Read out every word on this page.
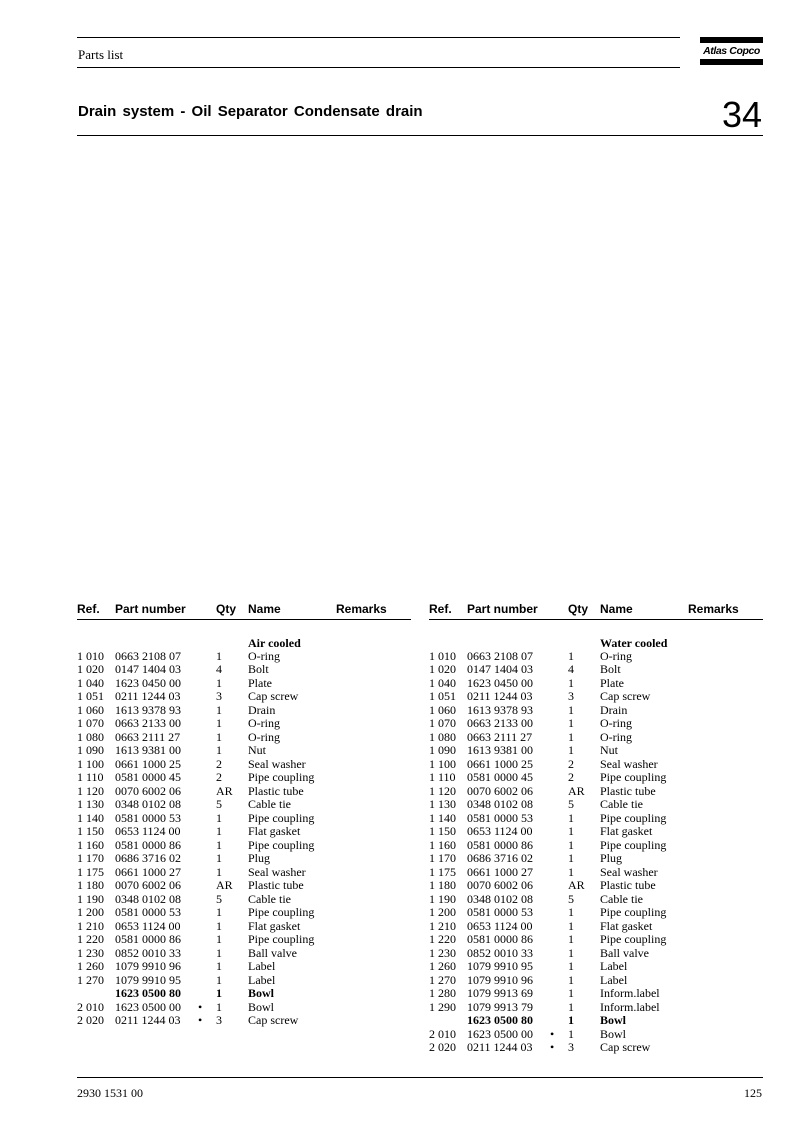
Parts list	Atlas Copco
Drain system - Oil Separator Condensate drain	34
Ref. Part number	Qty Name	Remarks
Air cooled
1 010 0663 2108 07	1 O-ring
1 020 0147 1404 03	4 Bolt
1 040 1623 0450 00	1 Plate
1 051 0211 1244 03	3 Cap screw
1 060 1613 9378 93	1 Drain
1 070 0663 2133 00	1 O-ring
1 080 0663 2111 27	1 O-ring
1 090 1613 9381 00	1 Nut
1 100 0661 1000 25	2 Seal washer
1 110 0581 0000 45	2 Pipe coupling
1 120 0070 6002 06	AR Plastic tube
1 130 0348 0102 08	5 Cable tie
1 140 0581 0000 53	1 Pipe coupling
1 150 0653 1124 00	1 Flat gasket
1 160 0581 0000 86	1 Pipe coupling
1 170 0686 3716 02	1 Plug
1 175 0661 1000 27	1 Seal washer
1 180 0070 6002 06	AR Plastic tube
1 190 0348 0102 08	5 Cable tie
1 200 0581 0000 53	1 Pipe coupling
1 210 0653 1124 00	1 Flat gasket
1 220 0581 0000 86	1 Pipe coupling
1 230 0852 0010 33	1 Ball valve
1 260 1079 9910 96	1 Label
1 270 1079 9910 95	1 Label
1623 0500 80	1 Bowl
2 010 1623 0500 00 • 1 Bowl
2 020 0211 1244 03 • 3 Cap screw
Ref. Part number	Qty Name	Remarks
Water cooled
1 010 0663 2108 07	1 O-ring
1 020 0147 1404 03	4 Bolt
1 040 1623 0450 00	1 Plate
1 051 0211 1244 03	3 Cap screw
1 060 1613 9378 93	1 Drain
1 070 0663 2133 00	1 O-ring
1 080 0663 2111 27	1 O-ring
1 090 1613 9381 00	1 Nut
1 100 0661 1000 25	2 Seal washer
1 110 0581 0000 45	2 Pipe coupling
1 120 0070 6002 06	AR Plastic tube
1 130 0348 0102 08	5 Cable tie
1 140 0581 0000 53	1 Pipe coupling
1 150 0653 1124 00	1 Flat gasket
1 160 0581 0000 86	1 Pipe coupling
1 170 0686 3716 02	1 Plug
1 175 0661 1000 27	1 Seal washer
1 180 0070 6002 06	AR Plastic tube
1 190 0348 0102 08	5 Cable tie
1 200 0581 0000 53	1 Pipe coupling
1 210 0653 1124 00	1 Flat gasket
1 220 0581 0000 86	1 Pipe coupling
1 230 0852 0010 33	1 Ball valve
1 260 1079 9910 95	1 Label
1 270 1079 9910 96	1 Label
1 280 1079 9913 69	1 Inform.label
1 290 1079 9913 79	1 Inform.label
1623 0500 80	1 Bowl
2 010 1623 0500 00 • 1 Bowl
2 020 0211 1244 03 • 3 Cap screw
2930 1531 00	125
